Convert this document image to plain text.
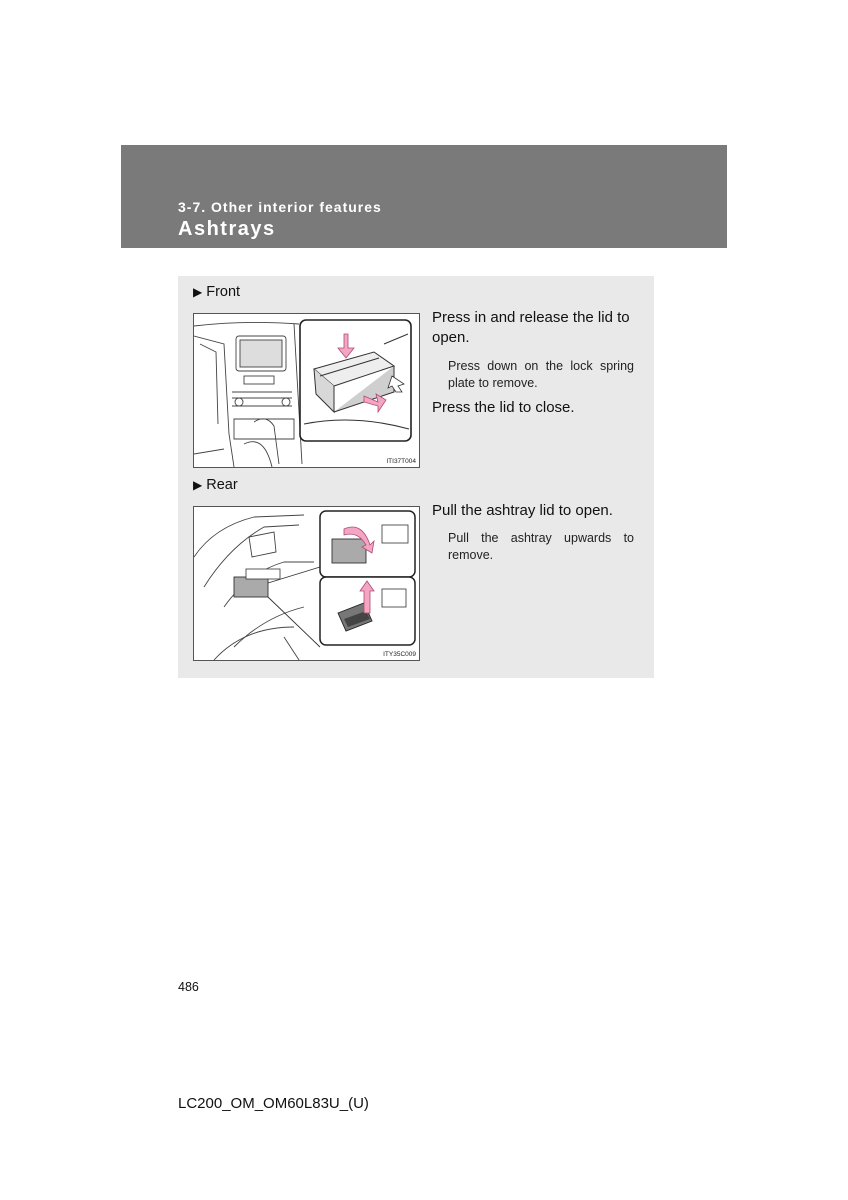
3-7. Other interior features
Ashtrays
▶ Front
ITI37T004
Press in and release the lid to open.
Press down on the lock spring plate to remove.
Press the lid to close.
▶ Rear
ITY35C009
Pull the ashtray lid to open.
Pull the ashtray upwards to remove.
486
LC200_OM_OM60L83U_(U)
